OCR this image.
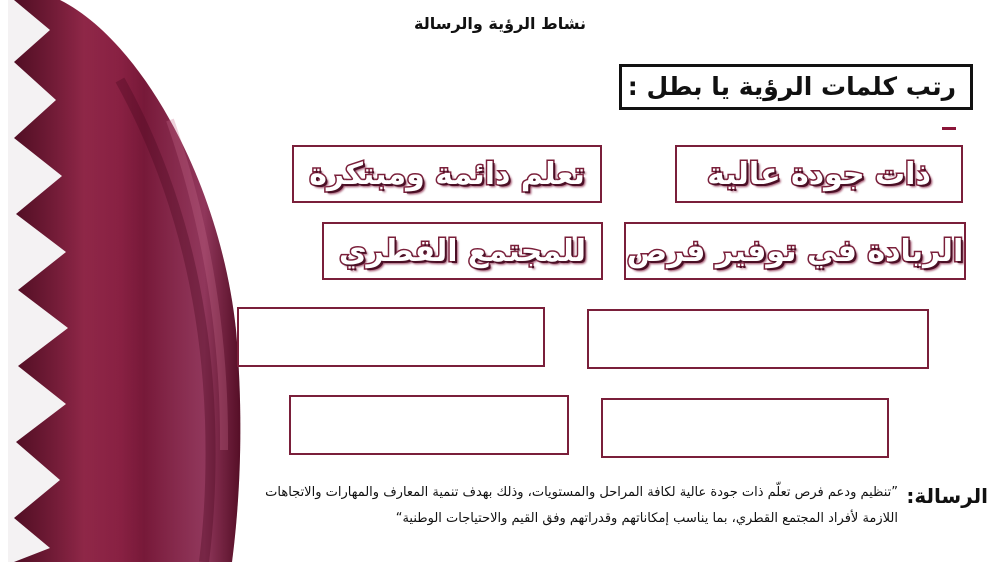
نشاط الرؤية والرسالة
رتب كلمات الرؤية يا بطل :
ذات جودة عالية
تعلم دائمة ومبتكرة
الريادة في توفير فرص
للمجتمع القطري
الرسالة:
”تنظيم ودعم فرص تعلّم ذات جودة عالية لكافة المراحل والمستويات، وذلك بهدف تنمية المعارف والمهارات والاتجاهات اللازمة لأفراد المجتمع القطري، بما يناسب إمكاناتهم وقدراتهم وفق القيم والاحتياجات الوطنية“
